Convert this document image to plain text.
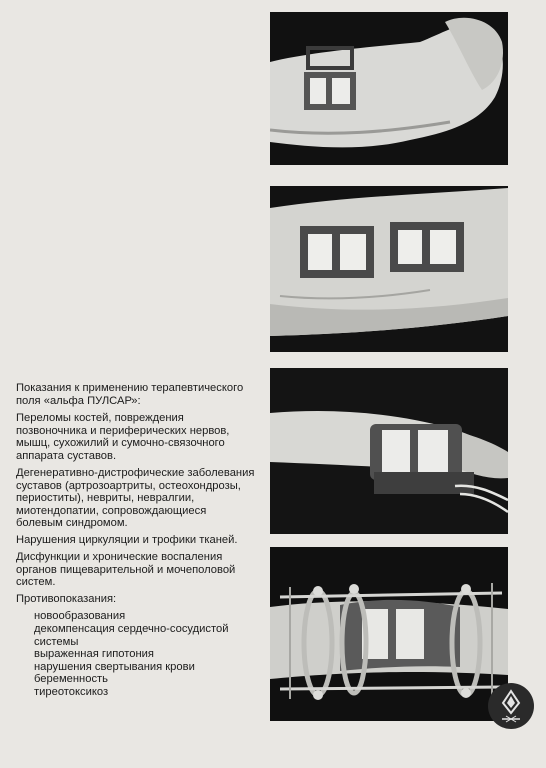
Показания к применению терапевтического поля «альфа ПУЛСАР»:

Переломы костей, повреждения позвоночника и периферических нервов, мышц, сухожилий и сумочно-связочного аппарата суставов.

Дегенеративно-дистрофические заболевания суставов (артрозоартриты, остеохондрозы, периоститы), невриты, невралгии, миотендопатии, сопровождающиеся болевым синдромом.

Нарушения циркуляции и трофики тканей.

Дисфункции и хронические воспаления органов пищеварительной и мочеполовой систем.

Противопоказания:

новообразования
декомпенсация сердечно-сосудистой системы
выраженная гипотония
нарушения свертывания крови
беременность
тиреотоксикоз
